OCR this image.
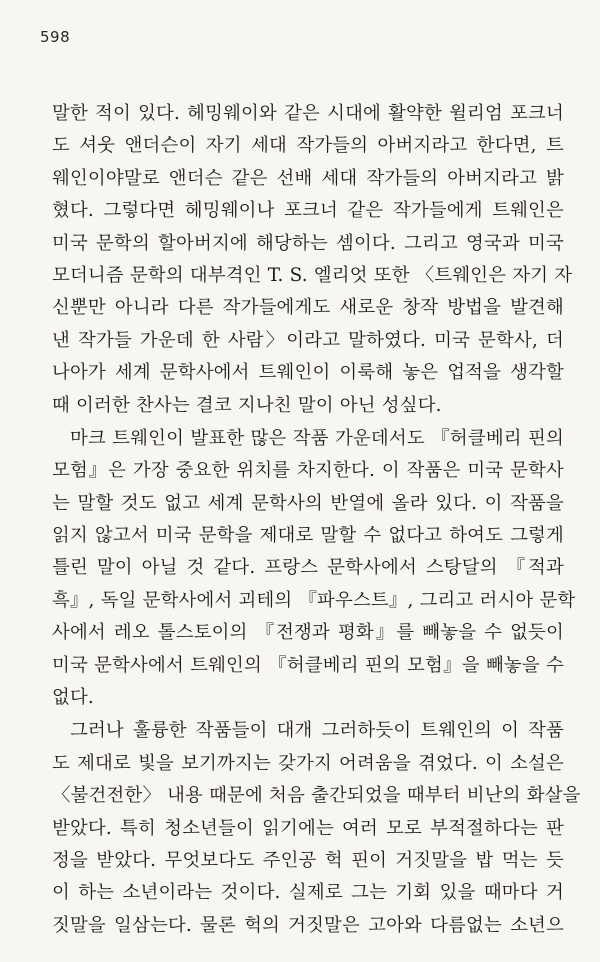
598

말한 적이 있다. 헤밍웨이와 같은 시대에 활약한 윌리엄 포크너
도 셔웃 앤더슨이 자기 세대 작가들의 아버지라고 한다면, 트
웨인이야말로 앤더슨 같은 선배 세대 작가들의 아버지라고 밝
혔다. 그렇다면 헤밍웨이나 포크너 같은 작가들에게 트웨인은
미국 문학의 할아버지에 해당하는 셈이다. 그리고 영국과 미국
모더니즘 문학의 대부격인 T. S. 엘리엇 또한 〈트웨인은 자기 자
신뿐만 아니라 다른 작가들에게도 새로운 창작 방법을 발견해
낸 작가들 가운데 한 사람〉이라고 말하였다. 미국 문학사, 더
나아가 세계 문학사에서 트웨인이 이룩해 놓은 업적을 생각할
때 이러한 찬사는 결코 지나친 말이 아닌 성싶다.

마크 트웨인이 발표한 많은 작품 가운데서도 『허클베리 핀의
모험』은 가장 중요한 위치를 차지한다. 이 작품은 미국 문학사
는 말할 것도 없고 세계 문학사의 반열에 올라 있다. 이 작품을
읽지 않고서 미국 문학을 제대로 말할 수 없다고 하여도 그렇게
틀린 말이 아닐 것 같다. 프랑스 문학사에서 스탕달의 『적과
흑』, 독일 문학사에서 괴테의 『파우스트』, 그리고 러시아 문학
사에서 레오 톨스토이의 『전쟁과 평화』를 빼놓을 수 없듯이
미국 문학사에서 트웨인의 『허클베리 핀의 모험』을 빼놓을 수
없다.

그러나 훌륭한 작품들이 대개 그러하듯이 트웨인의 이 작품
도 제대로 빛을 보기까지는 갖가지 어려움을 겪었다. 이 소설은
〈불건전한〉 내용 때문에 처음 출간되었을 때부터 비난의 화살을
받았다. 특히 청소년들이 읽기에는 여러 모로 부적절하다는 판
정을 받았다. 무엇보다도 주인공 헉 핀이 거짓말을 밥 먹는 듯
이 하는 소년이라는 것이다. 실제로 그는 기회 있을 때마다 거
짓말을 일삼는다. 물론 헉의 거짓말은 고아와 다름없는 소년으
